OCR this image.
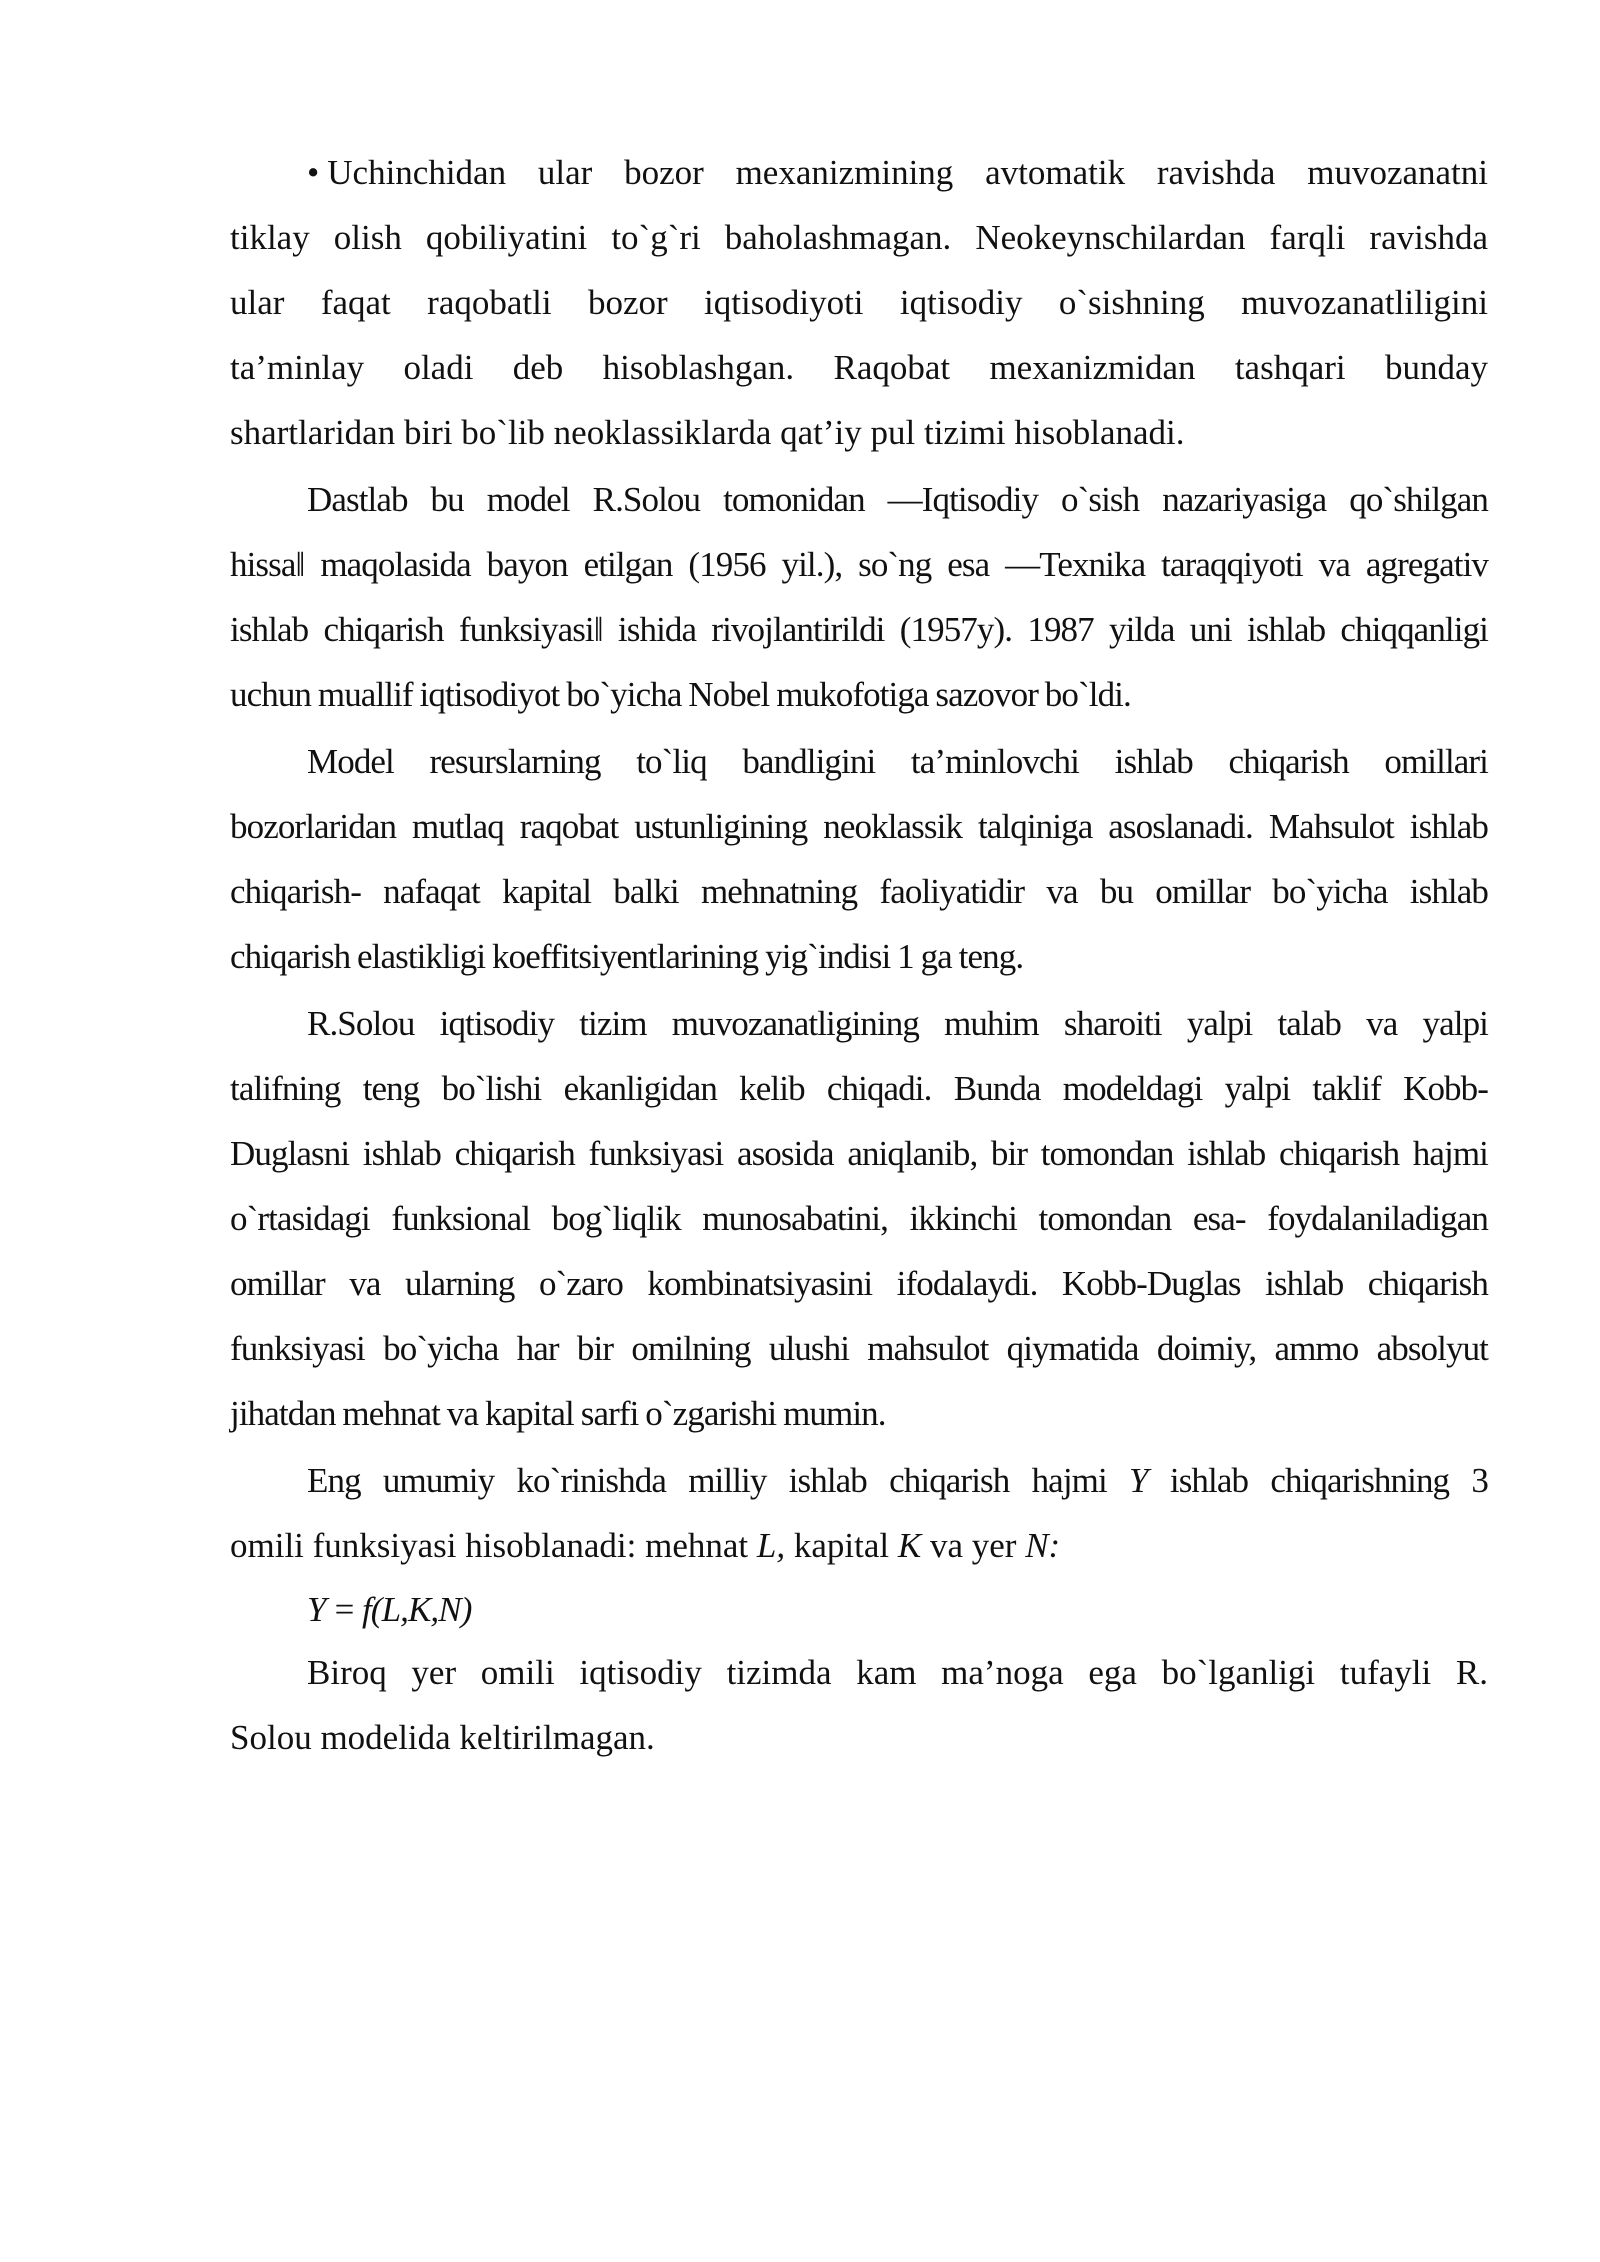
• Uchinchidan ular bozor mexanizmining avtomatik ravishda muvozanatni
tiklay olish qobiliyatini to`g`ri baholashmagan. Neokeynschilardan farqli ravishda
ular faqat raqobatli bozor iqtisodiyoti iqtisodiy o`sishning muvozanatliligini
ta’minlay oladi deb hisoblashgan. Raqobat mexanizmidan tashqari bunday
shartlaridan biri bo`lib neoklassiklarda qat’iy pul tizimi hisoblanadi.
Dastlab bu model R.Solou tomonidan ―Iqtisodiy o`sish nazariyasiga qo`shilgan
hissa‖ maqolasida bayon etilgan (1956 yil.), so`ng esa ―Texnika taraqqiyoti va agregativ
ishlab chiqarish funksiyasi‖ ishida rivojlantirildi (1957y). 1987 yilda uni ishlab chiqqanligi
uchun muallif iqtisodiyot bo`yicha Nobel mukofotiga sazovor bo`ldi.
Model resurslarning to`liq bandligini ta’minlovchi ishlab chiqarish omillari
bozorlaridan mutlaq raqobat ustunligining neoklassik talqiniga asoslanadi. Mahsulot ishlab
chiqarish- nafaqat kapital balki mehnatning faoliyatidir va bu omillar bo`yicha ishlab
chiqarish elastikligi koeffitsiyentlarining yig`indisi 1 ga teng.
R.Solou iqtisodiy tizim muvozanatligining muhim sharoiti yalpi talab va yalpi
talifning teng bo`lishi ekanligidan kelib chiqadi. Bunda modeldagi yalpi taklif Kobb-
Duglasni ishlab chiqarish funksiyasi asosida aniqlanib, bir tomondan ishlab chiqarish hajmi
o`rtasidagi funksional bog`liqlik munosabatini, ikkinchi tomondan esa- foydalaniladigan
omillar va ularning o`zaro kombinatsiyasini ifodalaydi. Kobb-Duglas ishlab chiqarish
funksiyasi bo`yicha har bir omilning ulushi mahsulot qiymatida doimiy, ammo absolyut
jihatdan mehnat va kapital sarfi o`zgarishi mumin.
Eng umumiy ko`rinishda milliy ishlab chiqarish hajmi Y ishlab chiqarishning 3
omili funksiyasi hisoblanadi: mehnat L, kapital K va yer N:
Y = f(L,K,N)
Biroq yer omili iqtisodiy tizimda kam ma’noga ega bo`lganligi tufayli R.
Solou modelida keltirilmagan.
